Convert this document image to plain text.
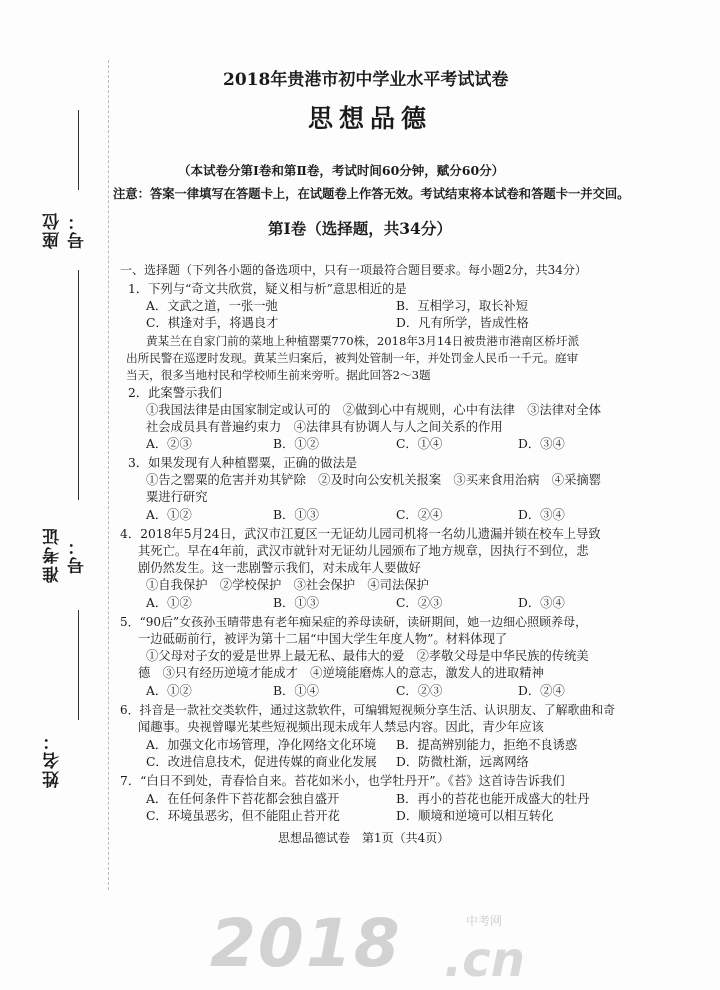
座位号：
准考证号：
姓名：
2018年贵港市初中学业水平考试试卷
思想品德
（本试卷分第Ⅰ卷和第Ⅱ卷，考试时间60分钟，赋分60分）
注意：答案一律填写在答题卡上，在试题卷上作答无效。考试结束将本试卷和答题卡一并交回。
第Ⅰ卷（选择题，共34分）
一、选择题（下列各小题的备选项中，只有一项最符合题目要求。每小题2分，共34分）
1．下列与“奇文共欣赏，疑义相与析”意思相近的是
A．文武之道，一张一弛	B．互相学习，取长补短
C．棋逢对手，将遇良才	D．凡有所学，皆成性格
黄某兰在自家门前的菜地上种植罂粟770株，2018年3月14日被贵港市港南区桥圩派
出所民警在巡逻时发现。黄某兰归案后，被判处管制一年，并处罚金人民币一千元。庭审
当天，很多当地村民和学校师生前来旁听。据此回答2～3题
2．此案警示我们
①我国法律是由国家制定或认可的　②做到心中有规则，心中有法律　③法律对全体
社会成员具有普遍约束力　④法律具有协调人与人之间关系的作用
A．②③	B．①②	C．①④	D．③④
3．如果发现有人种植罂粟，正确的做法是
①告之罂粟的危害并劝其铲除　②及时向公安机关报案　③买来食用治病　④采摘罂
粟进行研究
A．①②	B．①③	C．②④	D．③④
4．2018年5月24日，武汉市江夏区一无证幼儿园司机将一名幼儿遗漏并锁在校车上导致
其死亡。早在4年前，武汉市就针对无证幼儿园颁布了地方规章，因执行不到位，悲
剧仍然发生。这一悲剧警示我们，对未成年人要做好
①自我保护　②学校保护　③社会保护　④司法保护
A．①②	B．①③	C．②③	D．③④
5．“90后”女孩孙玉晴带患有老年痴呆症的养母读研，读研期间，她一边细心照顾养母，
一边砥砺前行，被评为第十二届“中国大学生年度人物”。材料体现了
①父母对子女的爱是世界上最无私、最伟大的爱　②孝敬父母是中华民族的传统美
德　③只有经历逆境才能成才　④逆境能磨炼人的意志，激发人的进取精神
A．①②	B．①④	C．②③	D．②④
6．抖音是一款社交类软件，通过这款软件，可编辑短视频分享生活、认识朋友、了解歌曲和奇
闻趣事。央视曾曝光某些短视频出现未成年人禁忌内容。因此，青少年应该
A．加强文化市场管理，净化网络文化环境 B．提高辨别能力，拒绝不良诱惑
C．改进信息技术，促进传媒的商业化发展 D．防微杜渐，远离网络
7．“白日不到处，青春恰自来。苔花如米小，也学牡丹开”。《苔》这首诗告诉我们
A．在任何条件下苔花都会独自盛开	B．再小的苔花也能开成盛大的牡丹
C．环境虽恶劣，但不能阻止苔开花	D．顺境和逆境可以相互转化
思想品德试卷　第1页（共4页）
2018 .cn
中考网
